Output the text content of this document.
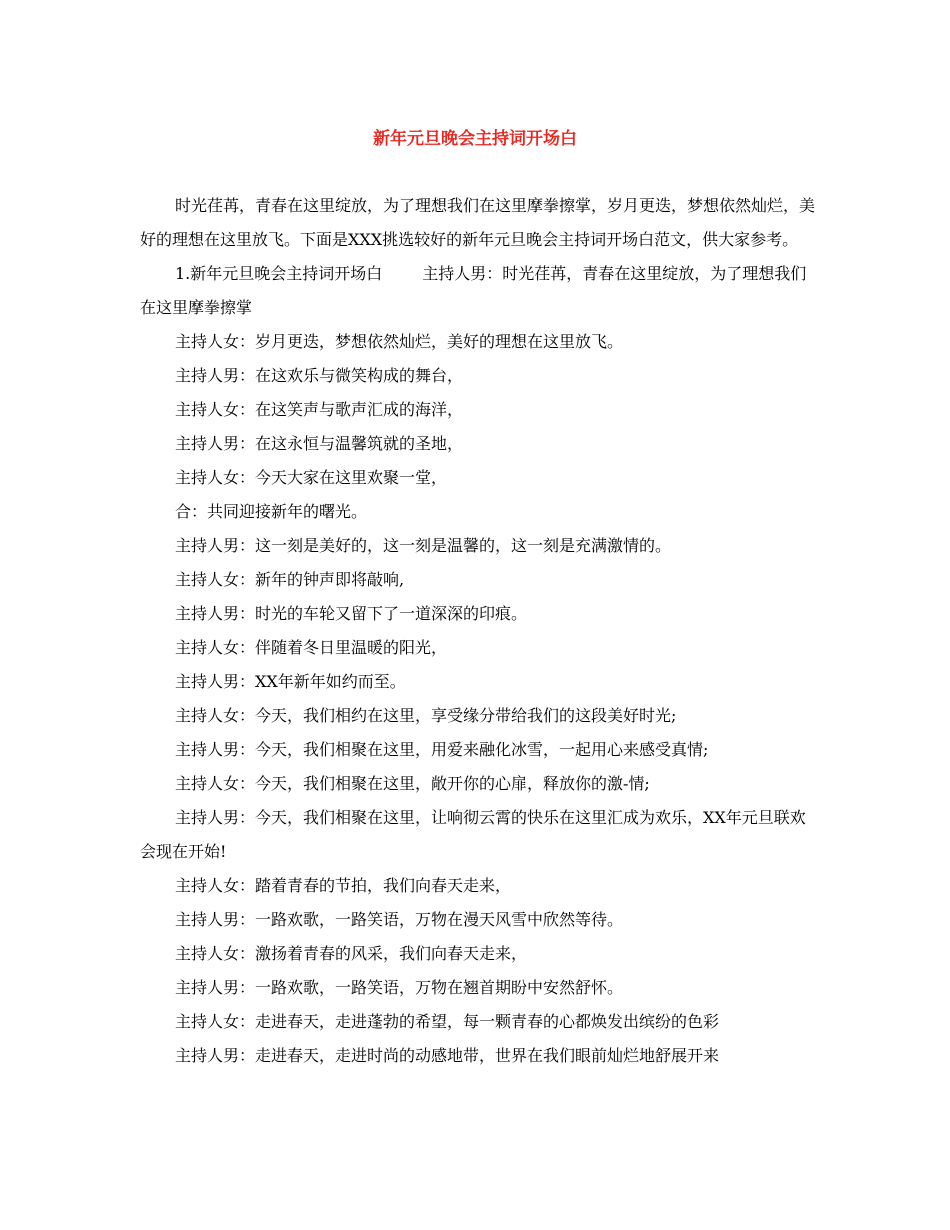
新年元旦晚会主持词开场白

时光荏苒，青春在这里绽放，为了理想我们在这里摩拳擦掌，岁月更迭，梦想依然灿烂，美好的理想在这里放飞。下面是XXX挑选较好的新年元旦晚会主持词开场白范文，供大家参考。

1.新年元旦晚会主持词开场白	主持人男：时光荏苒，青春在这里绽放，为了理想我们在这里摩拳擦掌

主持人女：岁月更迭，梦想依然灿烂，美好的理想在这里放飞。

主持人男：在这欢乐与微笑构成的舞台，

主持人女：在这笑声与歌声汇成的海洋，

主持人男：在这永恒与温馨筑就的圣地，

主持人女：今天大家在这里欢聚一堂，

合：共同迎接新年的曙光。

主持人男：这一刻是美好的，这一刻是温馨的，这一刻是充满激情的。

主持人女：新年的钟声即将敲响,

主持人男：时光的车轮又留下了一道深深的印痕。

主持人女：伴随着冬日里温暖的阳光，

主持人男：XX年新年如约而至。

主持人女：今天，我们相约在这里，享受缘分带给我们的这段美好时光;

主持人男：今天，我们相聚在这里，用爱来融化冰雪，一起用心来感受真情;

主持人女：今天，我们相聚在这里，敞开你的心扉，释放你的激-情;

主持人男：今天，我们相聚在这里，让响彻云霄的快乐在这里汇成为欢乐，XX年元旦联欢会现在开始!

主持人女：踏着青春的节拍，我们向春天走来，

主持人男：一路欢歌，一路笑语，万物在漫天风雪中欣然等待。

主持人女：激扬着青春的风采，我们向春天走来，

主持人男：一路欢歌，一路笑语，万物在翘首期盼中安然舒怀。

主持人女：走进春天，走进蓬勃的希望，每一颗青春的心都焕发出缤纷的色彩

主持人男：走进春天，走进时尚的动感地带，世界在我们眼前灿烂地舒展开来
